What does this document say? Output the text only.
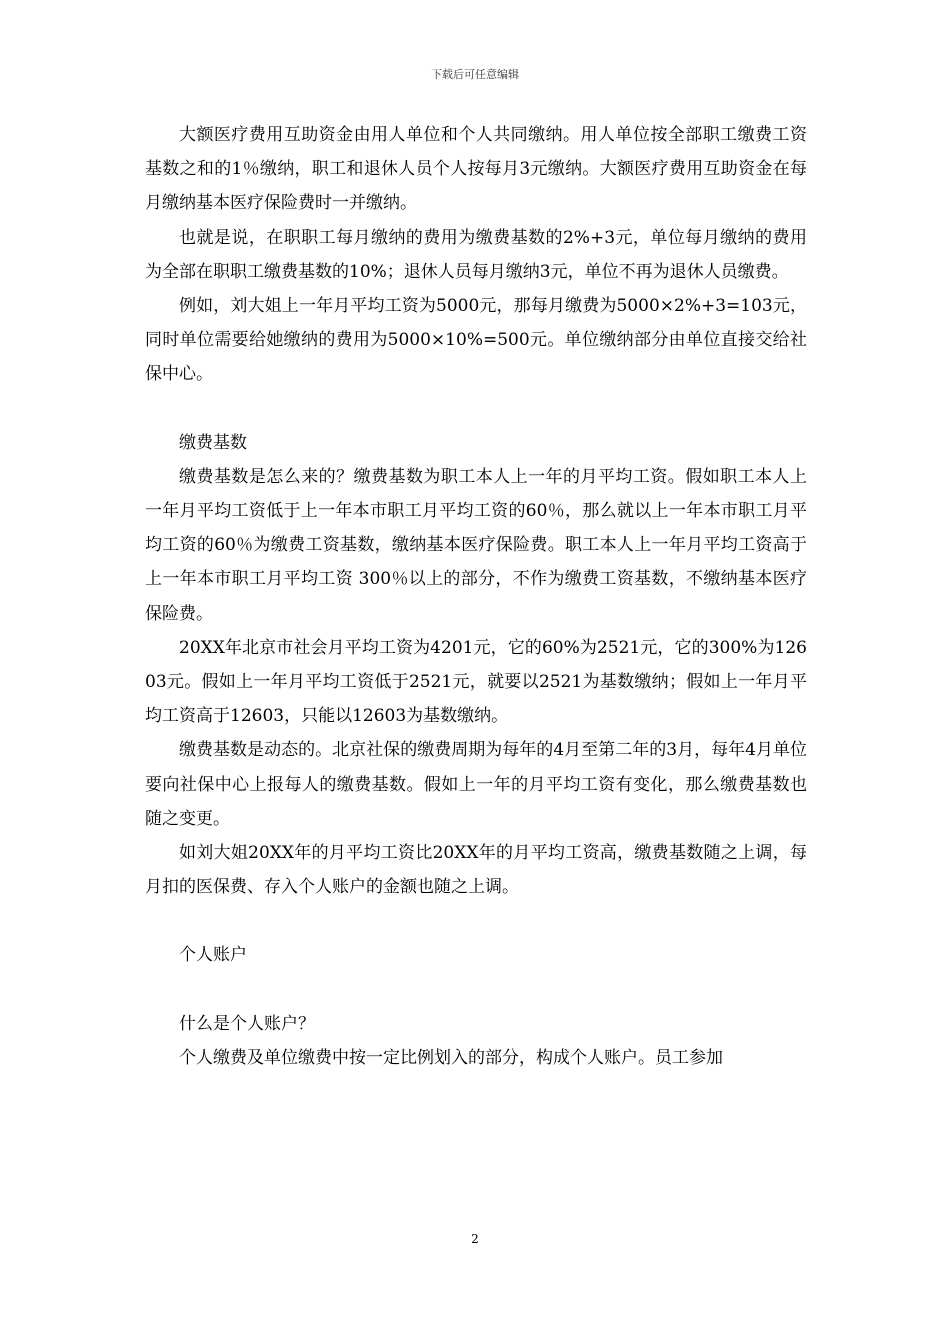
下载后可任意编辑

大额医疗费用互助资金由用人单位和个人共同缴纳。用人单位按全部职工缴费工资基数之和的1％缴纳，职工和退休人员个人按每月3元缴纳。大额医疗费用互助资金在每月缴纳基本医疗保险费时一并缴纳。

也就是说，在职职工每月缴纳的费用为缴费基数的2%+3元，单位每月缴纳的费用为全部在职职工缴费基数的10%；退休人员每月缴纳3元，单位不再为退休人员缴费。

例如，刘大姐上一年月平均工资为5000元，那每月缴费为5000×2%+3=103元，同时单位需要给她缴纳的费用为5000×10%=500元。单位缴纳部分由单位直接交给社保中心。

缴费基数

缴费基数是怎么来的？缴费基数为职工本人上一年的月平均工资。假如职工本人上一年月平均工资低于上一年本市职工月平均工资的60％，那么就以上一年本市职工月平均工资的60％为缴费工资基数，缴纳基本医疗保险费。职工本人上一年月平均工资高于上一年本市职工月平均工资 300％以上的部分，不作为缴费工资基数，不缴纳基本医疗保险费。

20XX年北京市社会月平均工资为4201元，它的60%为2521元，它的300%为12603元。假如上一年月平均工资低于2521元，就要以2521为基数缴纳；假如上一年月平均工资高于12603，只能以12603为基数缴纳。

缴费基数是动态的。北京社保的缴费周期为每年的4月至第二年的3月，每年4月单位要向社保中心上报每人的缴费基数。假如上一年的月平均工资有变化，那么缴费基数也随之变更。

如刘大姐20XX年的月平均工资比20XX年的月平均工资高，缴费基数随之上调，每月扣的医保费、存入个人账户的金额也随之上调。

个人账户

什么是个人账户？

个人缴费及单位缴费中按一定比例划入的部分，构成个人账户。员工参加

2
